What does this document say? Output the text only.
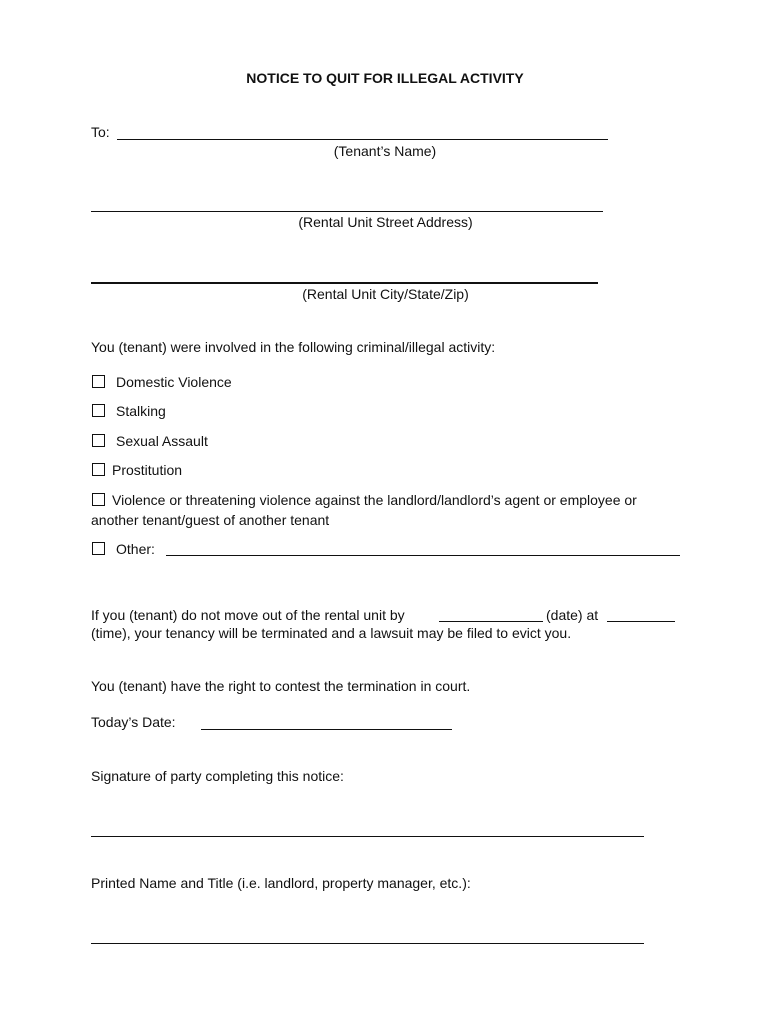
NOTICE TO QUIT FOR ILLEGAL ACTIVITY
To:
(Tenant’s Name)
(Rental Unit Street Address)
(Rental Unit City/State/Zip)
You (tenant) were involved in the following criminal/illegal activity:
Domestic Violence
Stalking
Sexual Assault
Prostitution
Violence or threatening violence against the landlord/landlord’s agent or employee or
another tenant/guest of another tenant
Other:
If you (tenant) do not move out of the rental unit by	(date) at
(time), your tenancy will be terminated and a lawsuit may be filed to evict you.
You (tenant) have the right to contest the termination in court.
Today’s Date:
Signature of party completing this notice:
Printed Name and Title (i.e. landlord, property manager, etc.):
